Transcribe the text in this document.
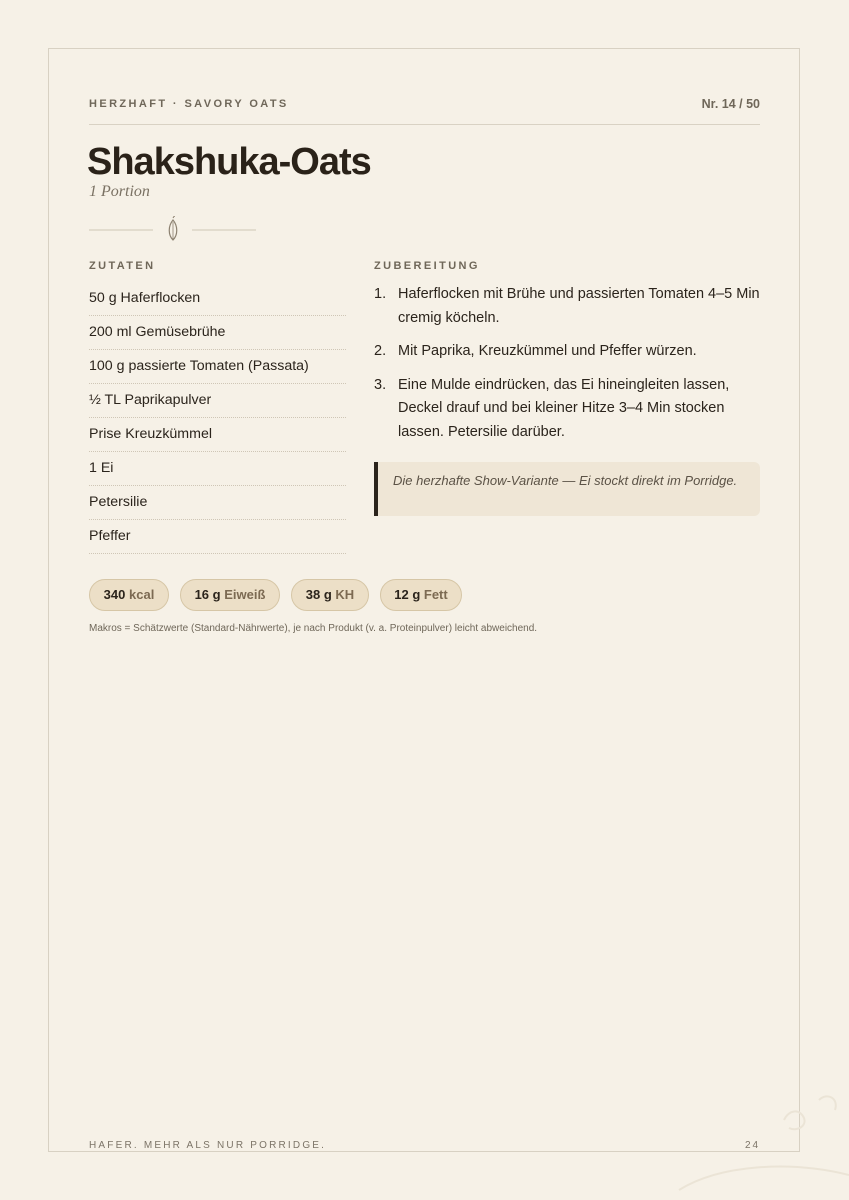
HERZHAFT · SAVORY OATS	Nr. 14 / 50
Shakshuka-Oats
1 Portion
ZUTATEN
50 g Haferflocken
200 ml Gemüsebrühe
100 g passierte Tomaten (Passata)
½ TL Paprikapulver
Prise Kreuzkümmel
1 Ei
Petersilie
Pfeffer
ZUBEREITUNG
1. Haferflocken mit Brühe und passierten Tomaten 4–5 Min cremig köcheln.
2. Mit Paprika, Kreuzkümmel und Pfeffer würzen.
3. Eine Mulde eindrücken, das Ei hineingleiten lassen, Deckel drauf und bei kleiner Hitze 3–4 Min stocken lassen. Petersilie darüber.
Die herzhafte Show-Variante — Ei stockt direkt im Porridge.
340 kcal	16 g Eiweiß	38 g KH	12 g Fett
Makros = Schätzwerte (Standard-Nährwerte), je nach Produkt (v. a. Proteinpulver) leicht abweichend.
HAFER. MEHR ALS NUR PORRIDGE.	24
